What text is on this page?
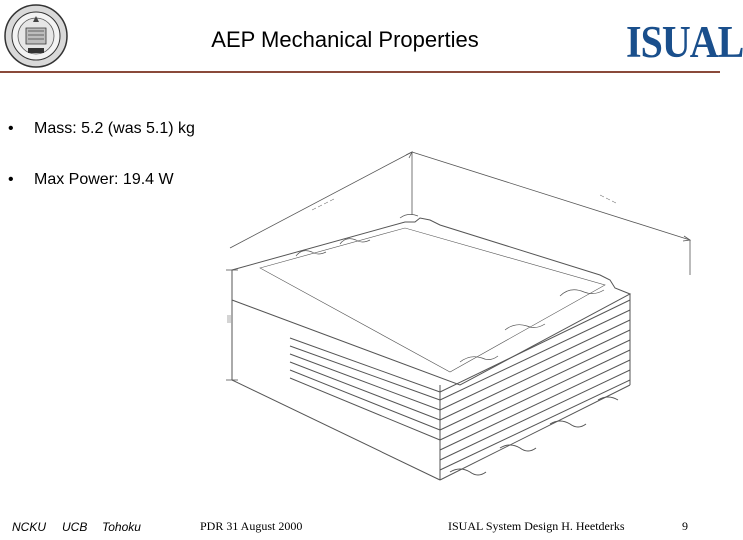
AEP Mechanical Properties	ISUAL
•	Mass: 5.2 (was 5.1) kg
•	Max Power: 19.4 W
NCKU UCB Tohoku	PDR 31 August 2000	ISUAL System Design H. Heetderks	9
